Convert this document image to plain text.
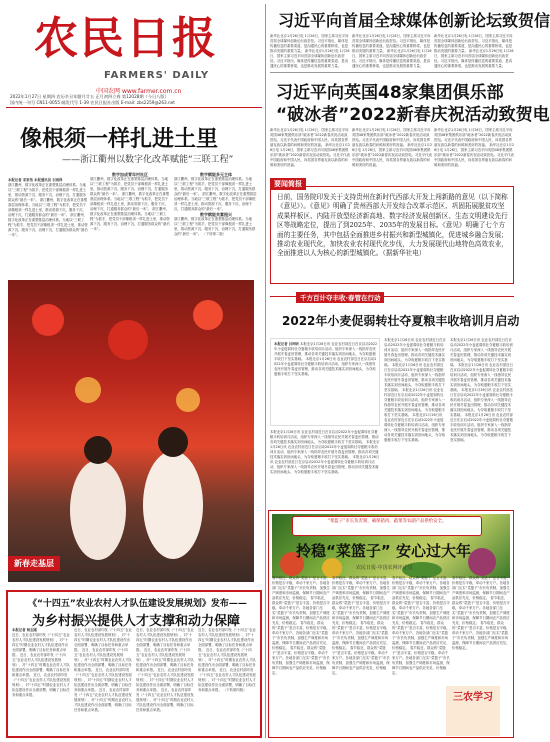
农民日报
FARMERS' DAILY
中国农网 www.farmer.com.cn
2022年1月27日 星期四 农历辛丑年腊月廿五 正月初四立春 第12028期（今日八版）
国内统一刊号 CN11-0055 邮发代号 1-39 农民日报社出版 E-mail: zbs2259@263.net
像根须一样扎进土里
——浙江衢州以数字化改革赋能“三联工程”
本报记者 邓家伟 本报通讯员 石雨泽
浙江衢州，数字化改革正在重塑基层治理体系。当地以“三联工程”为抓手，把党员干部像根须一样扎进土里，推动资源下沉、服务下沉、治理下沉，打通服务群众的“最后一米”。 浙江衢州，数字化改革正在重塑基层治理体系。当地以“三联工程”为抓手，把党员干部像根须一样扎进土里，推动资源下沉、服务下沉、治理下沉，打通服务群众的“最后一米”。 浙江衢州，数字化改革正在重塑基层治理体系。当地以“三联工程”为抓手，把党员干部像根须一样扎进土里，推动资源下沉、服务下沉、治理下沉，打通服务群众的“最后一米”。
数字加成青年村社区
浙江衢州，数字化改革正在重塑基层治理体系。当地以“三联工程”为抓手，把党员干部像根须一样扎进土里，推动资源下沉、服务下沉、治理下沉，打通服务群众的“最后一米”。 浙江衢州，数字化改革正在重塑基层治理体系。当地以“三联工程”为抓手，把党员干部像根须一样扎进土里，推动资源下沉、服务下沉、治理下沉，打通服务群众的“最后一米”。 浙江衢州，数字化改革正在重塑基层治理体系。当地以“三联工程”为抓手，把党员干部像根须一样扎进土里，推动资源下沉、服务下沉、治理下沉，打通服务群众的“最后一米”。
数字赋能多元主体
浙江衢州，数字化改革正在重塑基层治理体系。当地以“三联工程”为抓手，把党员干部像根须一样扎进土里，推动资源下沉、服务下沉、治理下沉，打通服务群众的“最后一米”。 浙江衢州，数字化改革正在重塑基层治理体系。当地以“三联工程”为抓手，把党员干部像根须一样扎进土里，推动资源下沉、服务下沉、治理下沉，打通服务群众的“最后一米”。
数字赋能共富振兴
浙江衢州，数字化改革正在重塑基层治理体系。当地以“三联工程”为抓手，把党员干部像根须一样扎进土里，推动资源下沉、服务下沉、治理下沉，打通服务群众的“最后一米”。 （下转第二版）
新春走基层	1月26日，小朋友在北京朝阳公园参加冬奥主题活动，体验中国传统年俗文化。
新华社记者 彭子洋 摄
《“十四五”农业农村人才队伍建设发展规划》发布——
为乡村振兴提供人才支撑和动力保障
本报记者 杨志刚
近日，农业农村部印发《“十四五”农业农村人才队伍建设发展规划》，对“十四五”时期农业农村人才队伍建设作出全面部署，明确了目标任务和重点举措。 近日，农业农村部印发《“十四五”农业农村人才队伍建设发展规划》，对“十四五”时期农业农村人才队伍建设作出全面部署，明确了目标任务和重点举措。 近日，农业农村部印发《“十四五”农业农村人才队伍建设发展规划》，对“十四五”时期农业农村人才队伍建设作出全面部署，明确了目标任务和重点举措。
近日，农业农村部印发《“十四五”农业农村人才队伍建设发展规划》，对“十四五”时期农业农村人才队伍建设作出全面部署，明确了目标任务和重点举措。 近日，农业农村部印发《“十四五”农业农村人才队伍建设发展规划》，对“十四五”时期农业农村人才队伍建设作出全面部署，明确了目标任务和重点举措。 近日，农业农村部印发《“十四五”农业农村人才队伍建设发展规划》，对“十四五”时期农业农村人才队伍建设作出全面部署，明确了目标任务和重点举措。 近日，农业农村部印发《“十四五”农业农村人才队伍建设发展规划》，对“十四五”时期农业农村人才队伍建设作出全面部署，明确了目标任务和重点举措。
近日，农业农村部印发《“十四五”农业农村人才队伍建设发展规划》，对“十四五”时期农业农村人才队伍建设作出全面部署，明确了目标任务和重点举措。 近日，农业农村部印发《“十四五”农业农村人才队伍建设发展规划》，对“十四五”时期农业农村人才队伍建设作出全面部署，明确了目标任务和重点举措。 近日，农业农村部印发《“十四五”农业农村人才队伍建设发展规划》，对“十四五”时期农业农村人才队伍建设作出全面部署，明确了目标任务和重点举措。 近日，农业农村部印发《“十四五”农业农村人才队伍建设发展规划》，对“十四五”时期农业农村人才队伍建设作出全面部署，明确了目标任务和重点举措。
近日，农业农村部印发《“十四五”农业农村人才队伍建设发展规划》，对“十四五”时期农业农村人才队伍建设作出全面部署，明确了目标任务和重点举措。 近日，农业农村部印发《“十四五”农业农村人才队伍建设发展规划》，对“十四五”时期农业农村人才队伍建设作出全面部署，明确了目标任务和重点举措。 近日，农业农村部印发《“十四五”农业农村人才队伍建设发展规划》，对“十四五”时期农业农村人才队伍建设作出全面部署，明确了目标任务和重点举措。 （下转第四版）
习近平向首届全球媒体创新论坛致贺信
新华社北京1月26日电 1月26日，国家主席习近平向首届全球媒体创新论坛致贺信。习近平指出，媒体是传播信息的重要渠道，是沟通民心的重要桥梁，也是推动发展的重要力量。 新华社北京1月26日电 1月26日，国家主席习近平向首届全球媒体创新论坛致贺信。习近平指出，媒体是传播信息的重要渠道，是沟通民心的重要桥梁，也是推动发展的重要力量。
新华社北京1月26日电 1月26日，国家主席习近平向首届全球媒体创新论坛致贺信。习近平指出，媒体是传播信息的重要渠道，是沟通民心的重要桥梁，也是推动发展的重要力量。 新华社北京1月26日电 1月26日，国家主席习近平向首届全球媒体创新论坛致贺信。习近平指出，媒体是传播信息的重要渠道，是沟通民心的重要桥梁，也是推动发展的重要力量。
新华社北京1月26日电 1月26日，国家主席习近平向首届全球媒体创新论坛致贺信。习近平指出，媒体是传播信息的重要渠道，是沟通民心的重要桥梁，也是推动发展的重要力量。 新华社北京1月26日电 1月26日，国家主席习近平向首届全球媒体创新论坛致贺信。习近平指出，媒体是传播信息的重要渠道，是沟通民心的重要桥梁，也是推动发展的重要力量。
习近平向英国48家集团俱乐部
“破冰者”2022新春庆祝活动致贺电
新华社北京1月26日电 1月26日，国家主席习近平向英国48家集团俱乐部“破冰者”2022新春庆祝活动致贺电。习近平代表中国政府和中国人民，向英国各界朋友致以新春的问候和美好的祝福。 新华社北京1月26日电 1月26日，国家主席习近平向英国48家集团俱乐部“破冰者”2022新春庆祝活动致贺电。习近平代表中国政府和中国人民，向英国各界朋友致以新春的问候和美好的祝福。
新华社北京1月26日电 1月26日，国家主席习近平向英国48家集团俱乐部“破冰者”2022新春庆祝活动致贺电。习近平代表中国政府和中国人民，向英国各界朋友致以新春的问候和美好的祝福。 新华社北京1月26日电 1月26日，国家主席习近平向英国48家集团俱乐部“破冰者”2022新春庆祝活动致贺电。习近平代表中国政府和中国人民，向英国各界朋友致以新春的问候和美好的祝福。
新华社北京1月26日电 1月26日，国家主席习近平向英国48家集团俱乐部“破冰者”2022新春庆祝活动致贺电。习近平代表中国政府和中国人民，向英国各界朋友致以新春的问候和美好的祝福。 新华社北京1月26日电 1月26日，国家主席习近平向英国48家集团俱乐部“破冰者”2022新春庆祝活动致贺电。习近平代表中国政府和中国人民，向英国各界朋友致以新春的问候和美好的祝福。
要闻简报
日前，国务院印发关于支持贵州在新时代西部大开发上闯新路的意见（以下简称《意见》）。《意见》明确了贵州西部大开发综合改革示范区、巩固拓展脱贫攻坚成果样板区、内陆开放型经济新高地、数字经济发展创新区、生态文明建设先行区等战略定位，提出了到2025年、2035年的发展目标。《意见》明确了七个方面的主要任务，其中包括全面推进乡村振兴和新型城镇化，促进城乡融合发展；推动农业现代化，加快农业农村现代化步伐，大力发展现代山地特色高效农业，全面推进以人为核心的新型城镇化。（据新华社电）
千方百计夺丰收·春管在行动
2022年小麦促弱转壮夺夏粮丰收培训月启动
本报记者 吕珂昕 本报北京1月26日讯 农业农村部近日在京启动2022年小麦促弱转壮夺夏粮丰收培训月活动，组织专家深入一线指导农民开展冬春麦田管理，推动各项关键技术落实到田间地头，为夺取夏粮丰收打下坚实基础。 本报北京1月26日讯 农业农村部近日在京启动2022年小麦促弱转壮夺夏粮丰收培训月活动，组织专家深入一线指导农民开展冬春麦田管理，推动各项关键技术落实到田间地头，为夺取夏粮丰收打下坚实基础。
本报北京1月26日讯 农业农村部近日在京启动2022年小麦促弱转壮夺夏粮丰收培训月活动，组织专家深入一线指导农民开展冬春麦田管理，推动各项关键技术落实到田间地头，为夺取夏粮丰收打下坚实基础。 本报北京1月26日讯 农业农村部近日在京启动2022年小麦促弱转壮夺夏粮丰收培训月活动，组织专家深入一线指导农民开展冬春麦田管理，推动各项关键技术落实到田间地头，为夺取夏粮丰收打下坚实基础。 本报北京1月26日讯 农业农村部近日在京启动2022年小麦促弱转壮夺夏粮丰收培训月活动，组织专家深入一线指导农民开展冬春麦田管理，推动各项关键技术落实到田间地头，为夺取夏粮丰收打下坚实基础。 本报北京1月26日讯 农业农村部近日在京启动2022年小麦促弱转壮夺夏粮丰收培训月活动，组织专家深入一线指导农民开展冬春麦田管理，推动各项关键技术落实到田间地头，为夺取夏粮丰收打下坚实基础。
本报北京1月26日讯 农业农村部近日在京启动2022年小麦促弱转壮夺夏粮丰收培训月活动，组织专家深入一线指导农民开展冬春麦田管理，推动各项关键技术落实到田间地头，为夺取夏粮丰收打下坚实基础。 本报北京1月26日讯 农业农村部近日在京启动2022年小麦促弱转壮夺夏粮丰收培训月活动，组织专家深入一线指导农民开展冬春麦田管理，推动各项关键技术落实到田间地头，为夺取夏粮丰收打下坚实基础。 本报北京1月26日讯 农业农村部近日在京启动2022年小麦促弱转壮夺夏粮丰收培训月活动，组织专家深入一线指导农民开展冬春麦田管理，推动各项关键技术落实到田间地头，为夺取夏粮丰收打下坚实基础。 本报北京1月26日讯 农业农村部近日在京启动2022年小麦促弱转壮夺夏粮丰收培训月活动，组织专家深入一线指导农民开展冬春麦田管理，推动各项关键技术落实到田间地头，为夺取夏粮丰收打下坚实基础。
本报北京1月26日讯 农业农村部近日在京启动2022年小麦促弱转壮夺夏粮丰收培训月活动，组织专家深入一线指导农民开展冬春麦田管理，推动各项关键技术落实到田间地头，为夺取夏粮丰收打下坚实基础。 本报北京1月26日讯 农业农村部近日在京启动2022年小麦促弱转壮夺夏粮丰收培训月活动，组织专家深入一线指导农民开展冬春麦田管理，推动各项关键技术落实到田间地头，为夺取夏粮丰收打下坚实基础。 本报北京1月26日讯 农业农村部近日在京启动2022年小麦促弱转壮夺夏粮丰收培训月活动，组织专家深入一线指导农民开展冬春麦田管理，推动各项关键技术落实到田间地头，为夺取夏粮丰收打下坚实基础。
“菜篮子”市长负责制，确保猪肉、蔬菜等农副产品供给安全。
拎稳“菜篮子” 安心过大年
农民日报·中国农网评论员
春节临近，群众的“菜篮子”是否丰富、价格是否平稳，牵动千家万户。各地各部门压实“菜篮子”市长负责制，加强生产调度和市场监测，保障节日期间农产品供应充足、价格稳定。 春节临近，群众的“菜篮子”是否丰富、价格是否平稳，牵动千家万户。各地各部门压实“菜篮子”市长负责制，加强生产调度和市场监测，保障节日期间农产品供应充足、价格稳定。 春节临近，群众的“菜篮子”是否丰富、价格是否平稳，牵动千家万户。各地各部门压实“菜篮子”市长负责制，加强生产调度和市场监测，保障节日期间农产品供应充足、价格稳定。 春节临近，群众的“菜篮子”是否丰富、价格是否平稳，牵动千家万户。各地各部门压实“菜篮子”市长负责制，加强生产调度和市场监测，保障节日期间农产品供应充足、价格稳定。
春节临近，群众的“菜篮子”是否丰富、价格是否平稳，牵动千家万户。各地各部门压实“菜篮子”市长负责制，加强生产调度和市场监测，保障节日期间农产品供应充足、价格稳定。 春节临近，群众的“菜篮子”是否丰富、价格是否平稳，牵动千家万户。各地各部门压实“菜篮子”市长负责制，加强生产调度和市场监测，保障节日期间农产品供应充足、价格稳定。 春节临近，群众的“菜篮子”是否丰富、价格是否平稳，牵动千家万户。各地各部门压实“菜篮子”市长负责制，加强生产调度和市场监测，保障节日期间农产品供应充足、价格稳定。 春节临近，群众的“菜篮子”是否丰富、价格是否平稳，牵动千家万户。各地各部门压实“菜篮子”市长负责制，加强生产调度和市场监测，保障节日期间农产品供应充足、价格稳定。
春节临近，群众的“菜篮子”是否丰富、价格是否平稳，牵动千家万户。各地各部门压实“菜篮子”市长负责制，加强生产调度和市场监测，保障节日期间农产品供应充足、价格稳定。 春节临近，群众的“菜篮子”是否丰富、价格是否平稳，牵动千家万户。各地各部门压实“菜篮子”市长负责制，加强生产调度和市场监测，保障节日期间农产品供应充足、价格稳定。 春节临近，群众的“菜篮子”是否丰富、价格是否平稳，牵动千家万户。各地各部门压实“菜篮子”市长负责制，加强生产调度和市场监测，保障节日期间农产品供应充足、价格稳定。 春节临近，群众的“菜篮子”是否丰富、价格是否平稳，牵动千家万户。各地各部门压实“菜篮子”市长负责制，加强生产调度和市场监测，保障节日期间农产品供应充足、价格稳定。
春节临近，群众的“菜篮子”是否丰富、价格是否平稳，牵动千家万户。各地各部门压实“菜篮子”市长负责制，加强生产调度和市场监测，保障节日期间农产品供应充足、价格稳定。 春节临近，群众的“菜篮子”是否丰富、价格是否平稳，牵动千家万户。各地各部门压实“菜篮子”市长负责制，加强生产调度和市场监测，保障节日期间农产品供应充足、价格稳定。 春节临近，群众的“菜篮子”是否丰富、价格是否平稳，牵动千家万户。各地各部门压实“菜篮子”市长负责制，加强生产调度和市场监测，保障节日期间农产品供应充足、价格稳定。
三农学习
